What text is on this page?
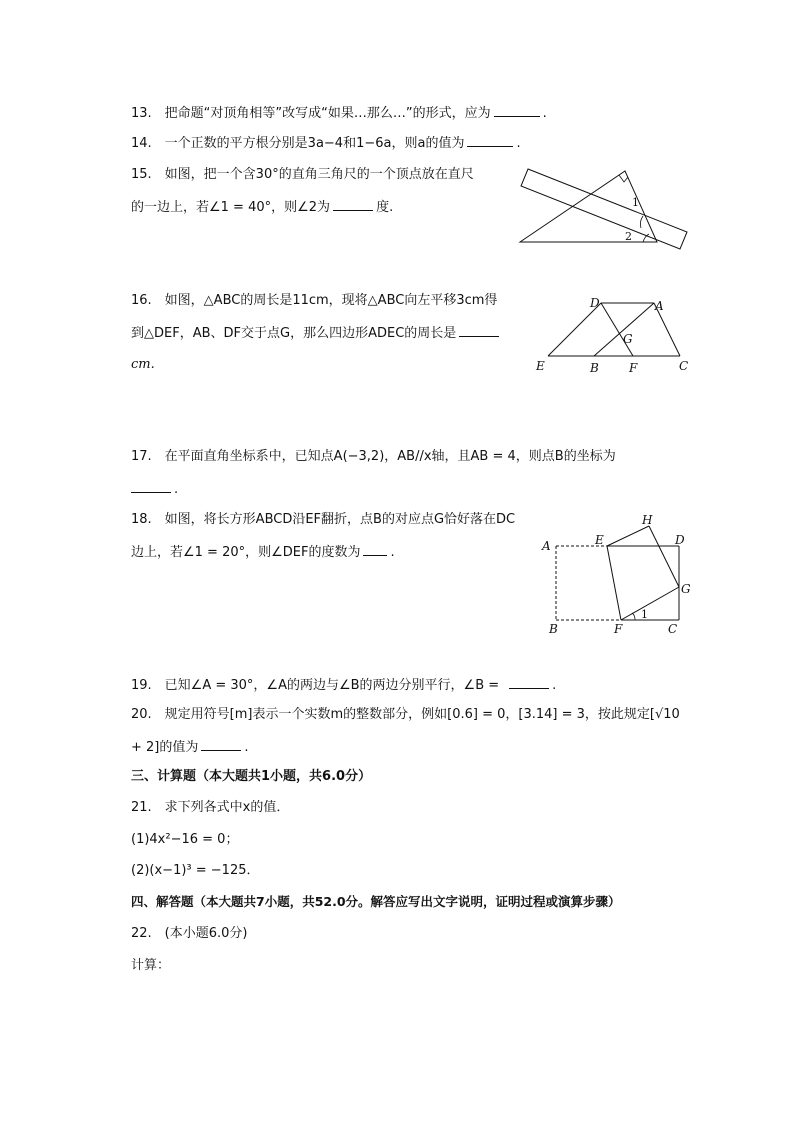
13.　把命题“对顶角相等”改写成“如果…那么…”的形式，应为	.
14.　一个正数的平方根分别是3a−4和1−6a，则a的值为	.
15.　如图，把一个含30°的直角三角尺的一个顶点放在直尺
的一边上，若∠1 = 40°，则∠2为	度.	1
2
16.　如图，△ABC的周长是11cm，现将△ABC向左平移3cm得
到△DEF，AB、DF交于点G，那么四边形ADEC的周长是
cm.
D	A
G
E	B	F	C
17.　在平面直角坐标系中，已知点A(−3,2)，AB//x轴，且AB = 4，则点B的坐标为
.
18.　如图，将长方形ABCD沿EF翻折，点B的对应点G恰好落在DC
边上，若∠1 = 20°，则∠DEF的度数为 .
H
E	D
A
G
B	F	C
1
19.　已知∠A = 30°，∠A的两边与∠B的两边分别平行，∠B =	.
20.　规定用符号[m]表示一个实数m的整数部分，例如[0.6] = 0，[3.14] = 3，按此规定[√10
+ 2]的值为	.
三、计算题（本大题共1小题，共6.0分）
21.　求下列各式中x的值．
(1)4x²−16 = 0；
(2)(x−1)³ = −125．
四、解答题（本大题共7小题，共52.0分。解答应写出文字说明，证明过程或演算步骤）
22.　(本小题6.0分)
计算：
